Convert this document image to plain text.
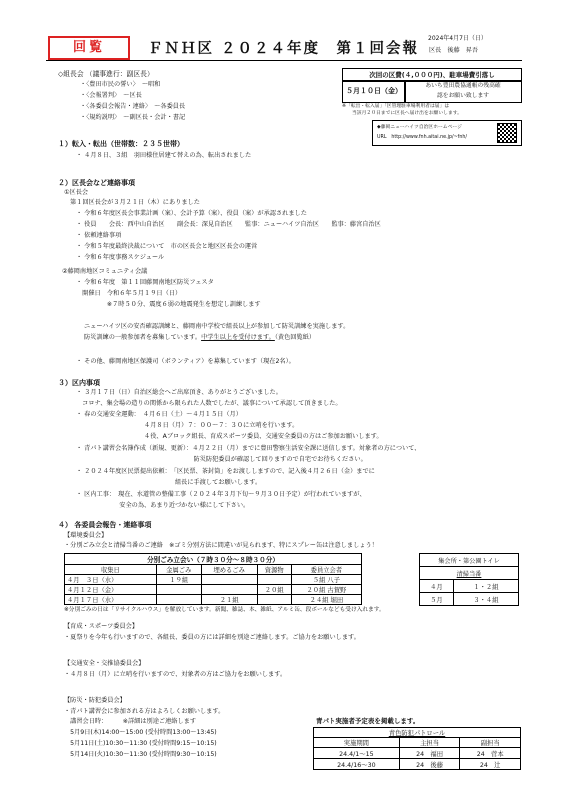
回覧	ＦＮＨ区 ２０２４年度　第１回会報
2024年4月7日（日）
区長 後藤 昇吾
◇組長会 （議事進行：副区長）
・〈豊田市民の誓い〉　～唱和
・〈会報署判〉　～区長
・〈各委員会報告・連絡〉　～各委員長
・〈規約説明〉　～副区長・会計・書記
次回の区費(４,０００円)、駐車場費引落し
５月１０日（金）
あいち豊田農協通帳の残高確
認をお願い致します
※「転出・転入届」「区管理駐車場利用者は届」は
当該月２０日までに区長へ届け出をお願いします。
◆藤岡ニューハイツ自治区ホームページ
URL　http://www.fnh.aitai.ne.jp/~fnh/
１）転入・転出（世帯数：２３５世帯）
・ ４月８日、３組　羽田様住居建て替えの為、転出されました
２）区長会など連絡事項
①区長会
第１回区長会が３月２１日（木）にありました
・ 令和６年度区長会事業計画（案）、会計予算（案）、役員（案）が承認されました
・ 役員　　会長：西中山自治区　　副会長：深見自治区　　監事：ニューハイツ自治区　　監事：藤宮自治区
・ 依頼連絡事項
・ 令和５年度最終決裁について　市の区長会と地区区長会の運営
・ 令和６年度事務スケジュール
②藤岡南地区コミュニティ会議
・ 令和６年度　第１１回藤岡南地区防災フェスタ
　開催日　令和６年５月１９日（日）
　　　　　※７時５０分、震度６弱の地震発生を想定し訓練します
ニューハイツ区の安否確認訓練と、藤岡南中学校で組長以上が参加して防災訓練を実施します。
防災訓練の一般参加者を募集しています。中学生以上を受付けます。（黄色回覧紙）
・ その他、藤岡南地区保護司（ボランティア）を募集しています（現在2名）。
３）区内事項
・ ３月１７日（日）自治区総会へご出席頂き、ありがとうございました。
　コロナ、集会場の造りの関係から限られた人数でしたが、議事について承認して頂きました。
・ 春の交通安全運動：　４月６日（土）～４月１５日（月）
　　　　　　　　　　　４月８日（月）７：００～７：３０に立哨を行います。
　　　　　　　　　　　４役、Aブロック組長、育成スポーツ委員、交通安全委員の方はご参加お願いします。
・ 青パト講習会名簿作成（新規、更新）：４月２２日（月）までに豊田警察生活安全課に送信します。対象者の方について、
　　　　　　　　　　　　　　　　　　　防災防犯委員が確認して回りますので自宅でお待ちください。
・ ２０２４年度区民票提出依頼：　「区民票、茶封筒」をお渡ししますので、記入後４月２６日（金）までに
　　　　　　　　　　　　　　　　組長に手渡してお願いします。
・ 区内工事：　現在、水道管の整備工事（２０２４年３月下旬～９月３０日予定）が行われていますが、
　　　　　　　安全の為、あまり近づかない様にして下さい。
４） 各委員会報告・連絡事項
【環境委員会】
・分別ごみ立会と清掃当番のご連絡　※ゴミ分別方法に間違いが見られます、特にスプレー缶は注意しましょう！
分別ごみ立会い（７時３０分～８時３０分）				
収集日	金属ごみ	埋めるごみ	資源物	委員立会者
４月　３日（水）	１９組			５組 八子
４月１２日（金）			２０組	２０組 古賀野
４月１７日（水）		２１組		２４組 堀田
※分別ごみの日は「リサイクルハウス」を解放しています。新聞、雑誌、本、雑紙、アルミ缶、段ボールなども受け入れます。
集会所・第公園トイレ	
清掃当番	
４月	１・２組
５月	３・４組
【育成・スポーツ委員会】
・夏祭りを今年も行いますので、各組長、委員の方には詳細を別途ご連絡します。ご協力をお願いします。
【交通安全・交推協委員会】
・４月８日（月）に立哨を行いますので、対象者の方はご協力をお願いします。
【防災・防犯委員会】
・青パト講習会に参加される方はよろしくお願いします。
　講習会日時：　　　※詳細は別途ご連絡します
　5月9日(木)14:00～15:00 (受付時間13:00～13:45)
　5月11日(土)10:30～11:30 (受付時間9:15～10:15)
　5月14日(火)10:30～11:30 (受付時間9:30～10:15)
青パト実施者予定表を掲載します。
青色防犯パトロール		
実施期間	主担当	副担当
24.4/1～15	24　福田	24　菅本
24.4/16～30	24　後藤	24　辻
